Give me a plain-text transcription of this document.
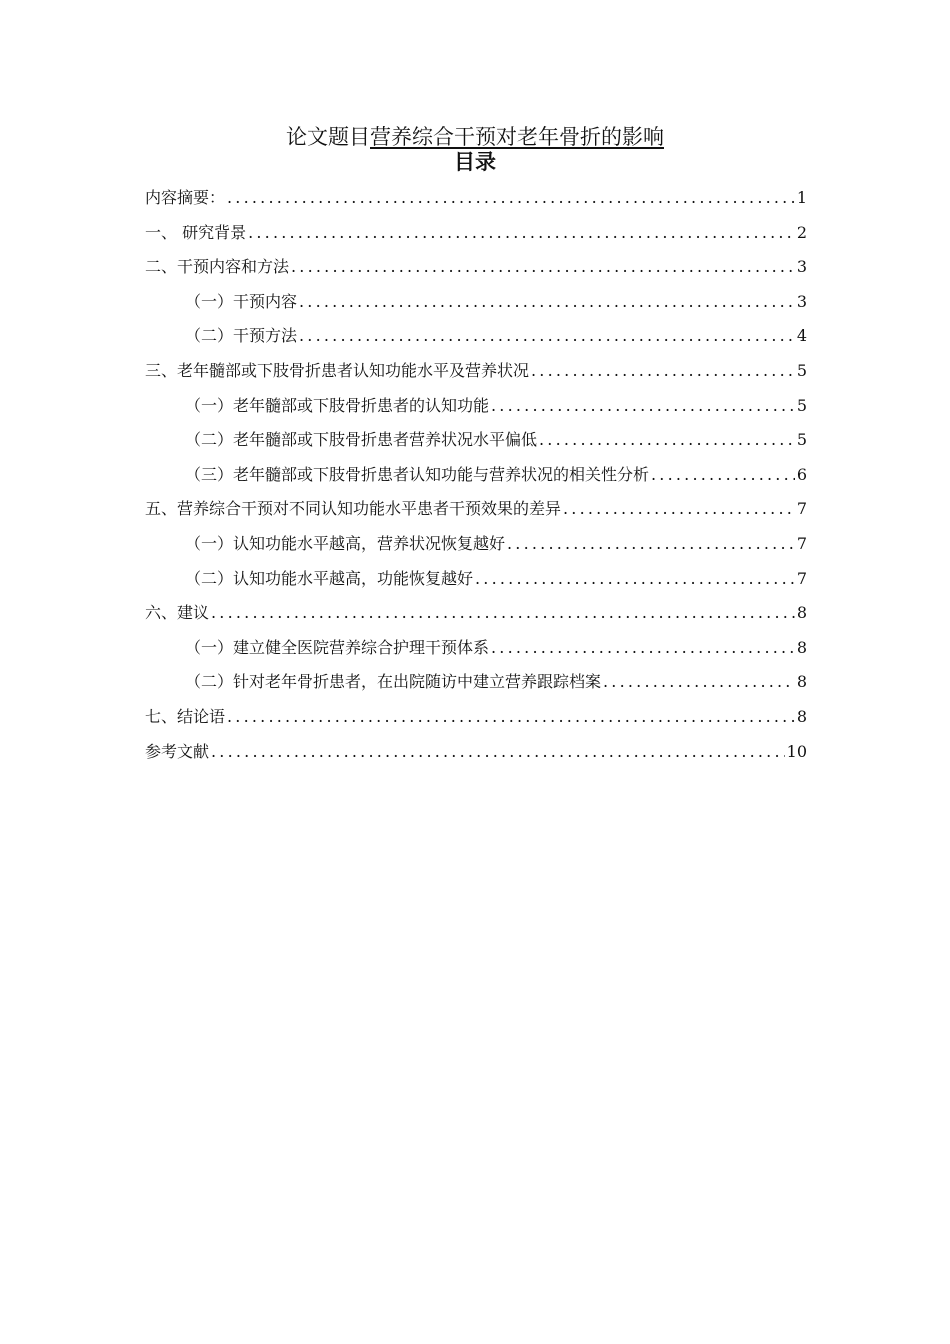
论文题目营养综合干预对老年骨折的影响
目录
内容摘要： .....	1
一、 研究背景 .....	2
二、干预内容和方法 .....	3
（一）干预内容 .....	3
（二）干预方法 .....	4
三、老年髓部或下肢骨折患者认知功能水平及营养状况 .....	5
（一）老年髓部或下肢骨折患者的认知功能 .....	5
（二）老年髓部或下肢骨折患者营养状况水平偏低 .....	5
（三）老年髓部或下肢骨折患者认知功能与营养状况的相关性分析 .....	6
五、营养综合干预对不同认知功能水平患者干预效果的差异 .....	7
（一）认知功能水平越高，营养状况恢复越好 .....	7
（二）认知功能水平越高，功能恢复越好 .....	7
六、建议 .....	8
（一）建立健全医院营养综合护理干预体系 .....	8
（二）针对老年骨折患者，在出院随访中建立营养跟踪档案 .....	8
七、结论语 .....	8
参考文献 .....	10
